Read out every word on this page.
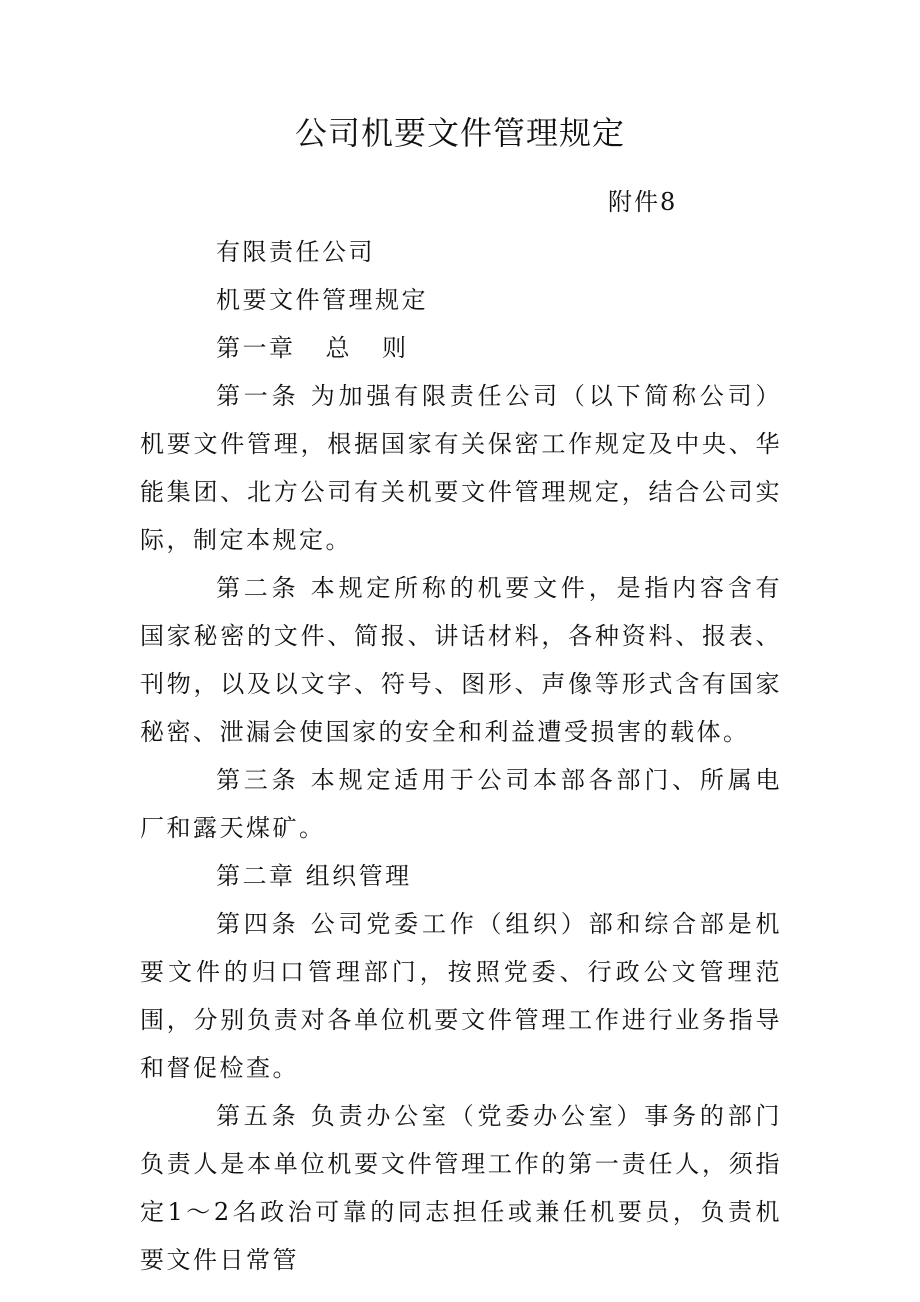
公司机要文件管理规定
附件8

有限责任公司

机要文件管理规定

第一章 总 则

第一条 为加强有限责任公司（以下简称公司）机要文件管理，根据国家有关保密工作规定及中央、华能集团、北方公司有关机要文件管理规定，结合公司实际，制定本规定。

第二条 本规定所称的机要文件，是指内容含有国家秘密的文件、简报、讲话材料，各种资料、报表、刊物，以及以文字、符号、图形、声像等形式含有国家秘密、泄漏会使国家的安全和利益遭受损害的载体。

第三条 本规定适用于公司本部各部门、所属电厂和露天煤矿。

第二章 组织管理

第四条 公司党委工作（组织）部和综合部是机要文件的归口管理部门，按照党委、行政公文管理范围，分别负责对各单位机要文件管理工作进行业务指导和督促检查。

第五条 负责办公室（党委办公室）事务的部门负责人是本单位机要文件管理工作的第一责任人，须指定1～2名政治可靠的同志担任或兼任机要员，负责机要文件日常管
